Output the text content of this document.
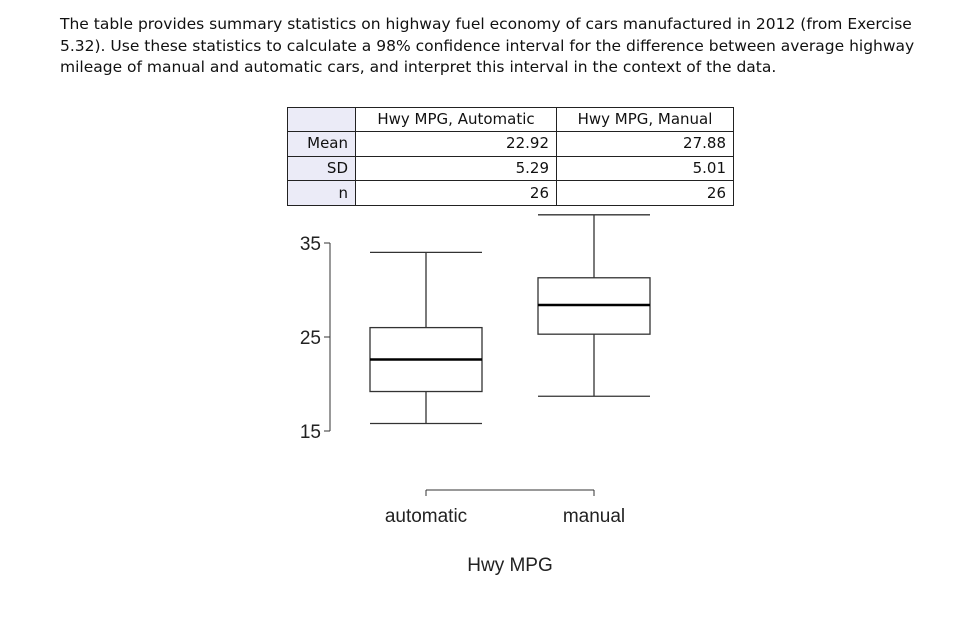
The table provides summary statistics on highway fuel economy of cars manufactured in 2012 (from Exercise 5.32). Use these statistics to calculate a 98% confidence interval for the difference between average highway mileage of manual and automatic cars, and interpret this interval in the context of the data.

	Hwy MPG, Automatic	Hwy MPG, Manual
Mean	22.92	27.88
SD	5.29	5.01
n	26	26
15
25
35
automatic	manual
Hwy MPG
